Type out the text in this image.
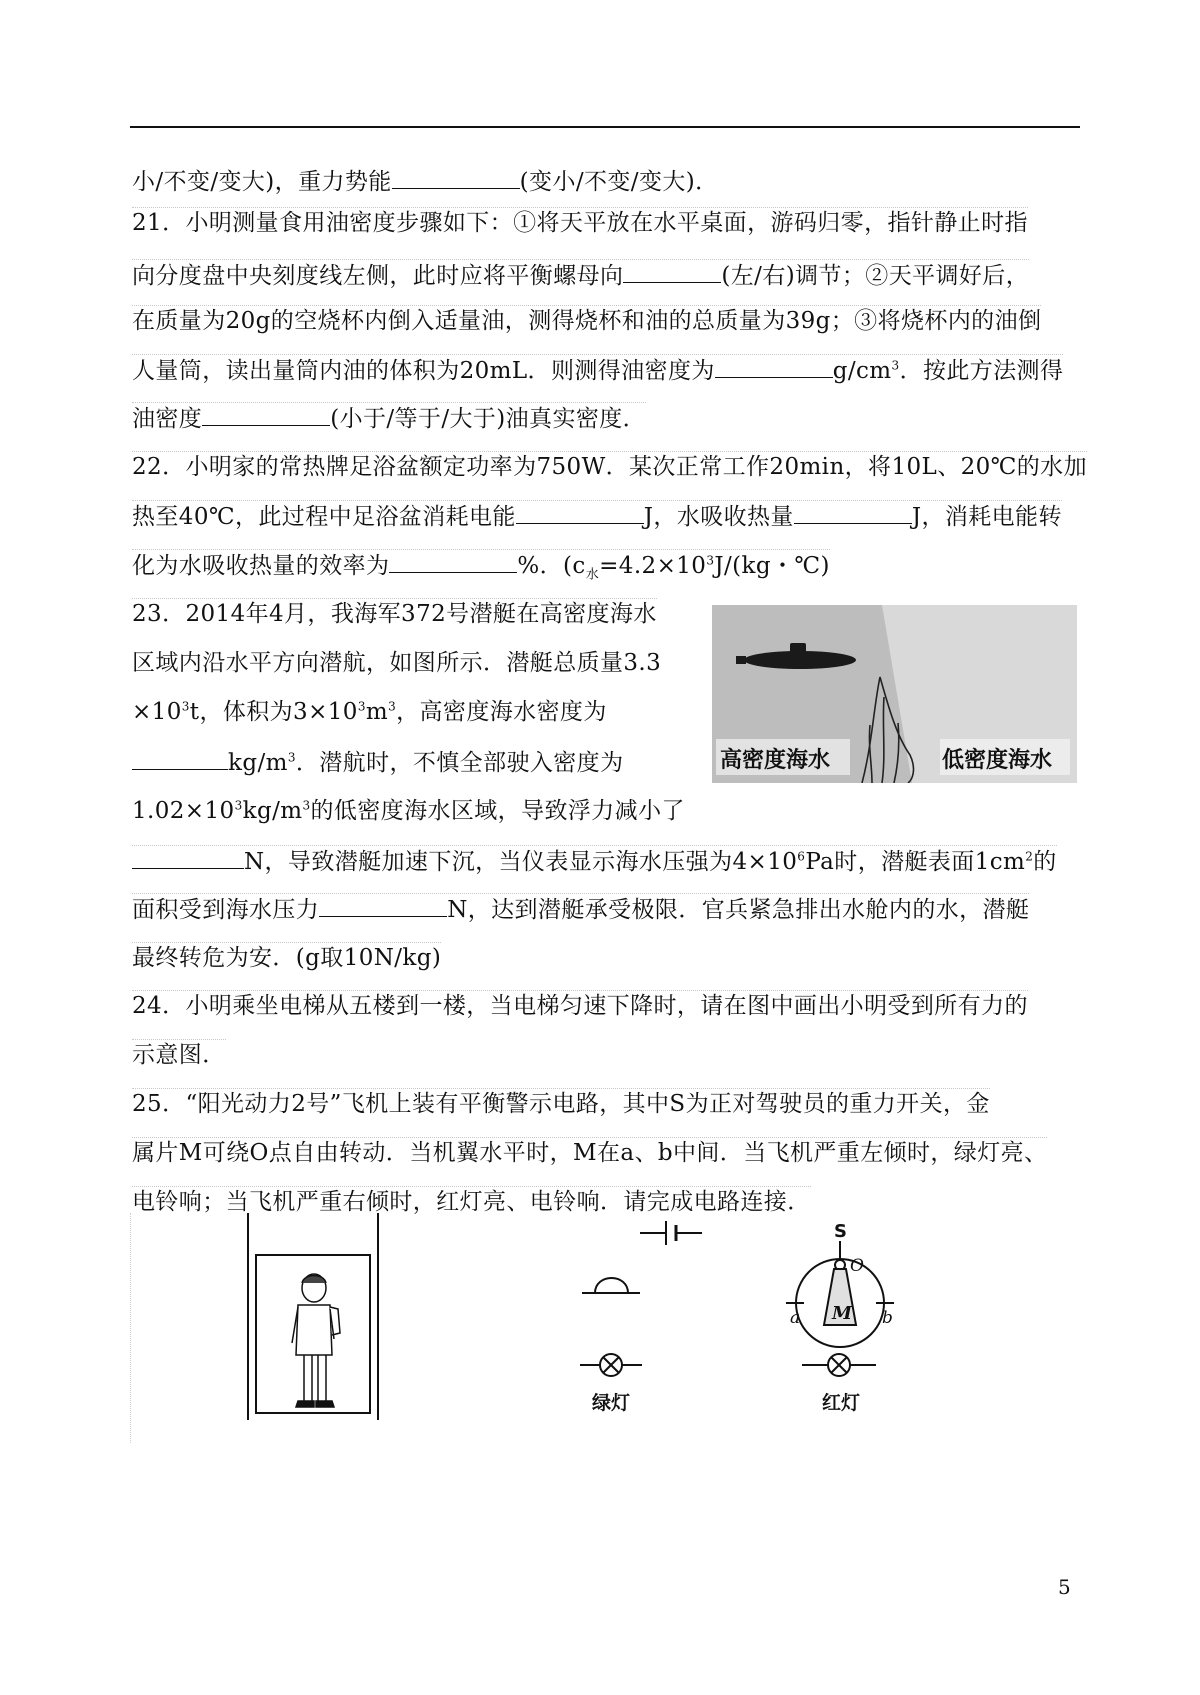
小/不变/变大)，重力势能	(变小/不变/变大)．
21．小明测量食用油密度步骤如下：①将天平放在水平桌面，游码归零，指针静止时指
向分度盘中央刻度线左侧，此时应将平衡螺母向	(左/右)调节；②天平调好后，
在质量为20g的空烧杯内倒入适量油，测得烧杯和油的总质量为39g；③将烧杯内的油倒
人量筒，读出量筒内油的体积为20mL．则测得油密度为	$g/cm^3$．按此方法测得
油密度	(小于/等于/大于)油真实密度．
22．小明家的常热牌足浴盆额定功率为750W．某次正常工作20min，将10L、20℃的水加
热至40℃，此过程中足浴盆消耗电能	J，水吸收热量	J，消耗电能转
化为水吸收热量的效率为	%．($c_水=4.2\times 10^3J/(kg$・℃)
23．2014年4月，我海军372号潜艇在高密度海水
区域内沿水平方向潜航，如图所示．潜艇总质量3.3
$\times 10^3t$，体积为$3\times 10^3m^3$，高密度海水密度为
$kg/m^3$．潜航时，不慎全部驶入密度为
$1.02\times 10^3kg/m^3$的低密度海水区域，导致浮力减小了
N，导致潜艇加速下沉，当仪表显示海水压强为$4\times 10^6Pa$时，潜艇表面$1cm^2$的
面积受到海水压力	N，达到潜艇承受极限．官兵紧急排出水舱内的水，潜艇
最终转危为安．(g取10N/kg)
24．小明乘坐电梯从五楼到一楼，当电梯匀速下降时，请在图中画出小明受到所有力的
示意图．
25．“阳光动力2号”飞机上装有平衡警示电路，其中S为正对驾驶员的重力开关，金
属片M可绕O点自由转动．当机翼水平时，M在a、b中间．当飞机严重左倾时，绿灯亮、
电铃响；当飞机严重右倾时，红灯亮、电铃响．请完成电路连接．
高密度海水	低密度海水
绿灯
S
O
M
a	b
红灯
5
